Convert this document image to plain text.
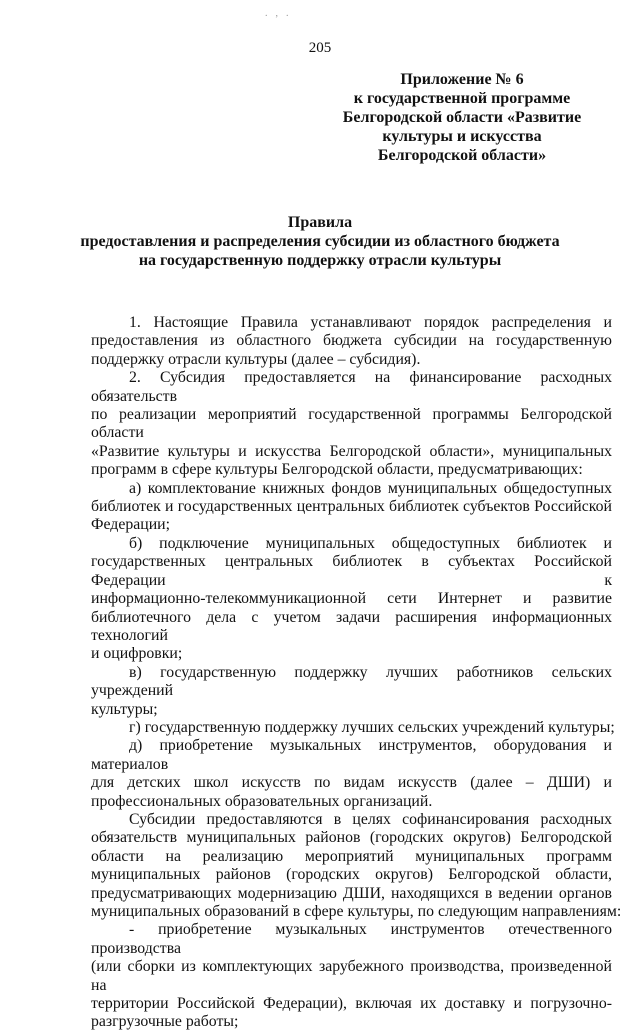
.  ,  .
205
Приложение № 6
к государственной программе
Белгородской области «Развитие
культуры и искусства
Белгородской области»
Правила
предоставления и распределения субсидии из областного бюджета
на государственную поддержку отрасли культуры
1. Настоящие Правила устанавливают порядок распределения и
предоставления из областного бюджета субсидии на государственную
поддержку отрасли культуры (далее – субсидия).
2. Субсидия предоставляется на финансирование расходных обязательств
по реализации мероприятий государственной программы Белгородской области
«Развитие культуры и искусства Белгородской области», муниципальных
программ в сфере культуры Белгородской области, предусматривающих:
а) комплектование книжных фондов муниципальных общедоступных
библиотек и государственных центральных библиотек субъектов Российской
Федерации;
б) подключение муниципальных общедоступных библиотек и
государственных центральных библиотек в субъектах Российской Федерации к
информационно-телекоммуникационной сети Интернет и развитие
библиотечного дела с учетом задачи расширения информационных технологий
и оцифровки;
в) государственную поддержку лучших работников сельских учреждений
культуры;
г) государственную поддержку лучших сельских учреждений культуры;
д) приобретение музыкальных инструментов, оборудования и материалов
для детских школ искусств по видам искусств (далее – ДШИ) и
профессиональных образовательных организаций.
Субсидии предоставляются в целях софинансирования расходных
обязательств муниципальных районов (городских округов) Белгородской
области на реализацию мероприятий муниципальных программ
муниципальных районов (городских округов) Белгородской области,
предусматривающих модернизацию ДШИ, находящихся в ведении органов
муниципальных образований в сфере культуры, по следующим направлениям:
- приобретение музыкальных инструментов отечественного производства
(или сборки из комплектующих зарубежного производства, произведенной на
территории Российской Федерации), включая их доставку и погрузочно-
разгрузочные работы;
